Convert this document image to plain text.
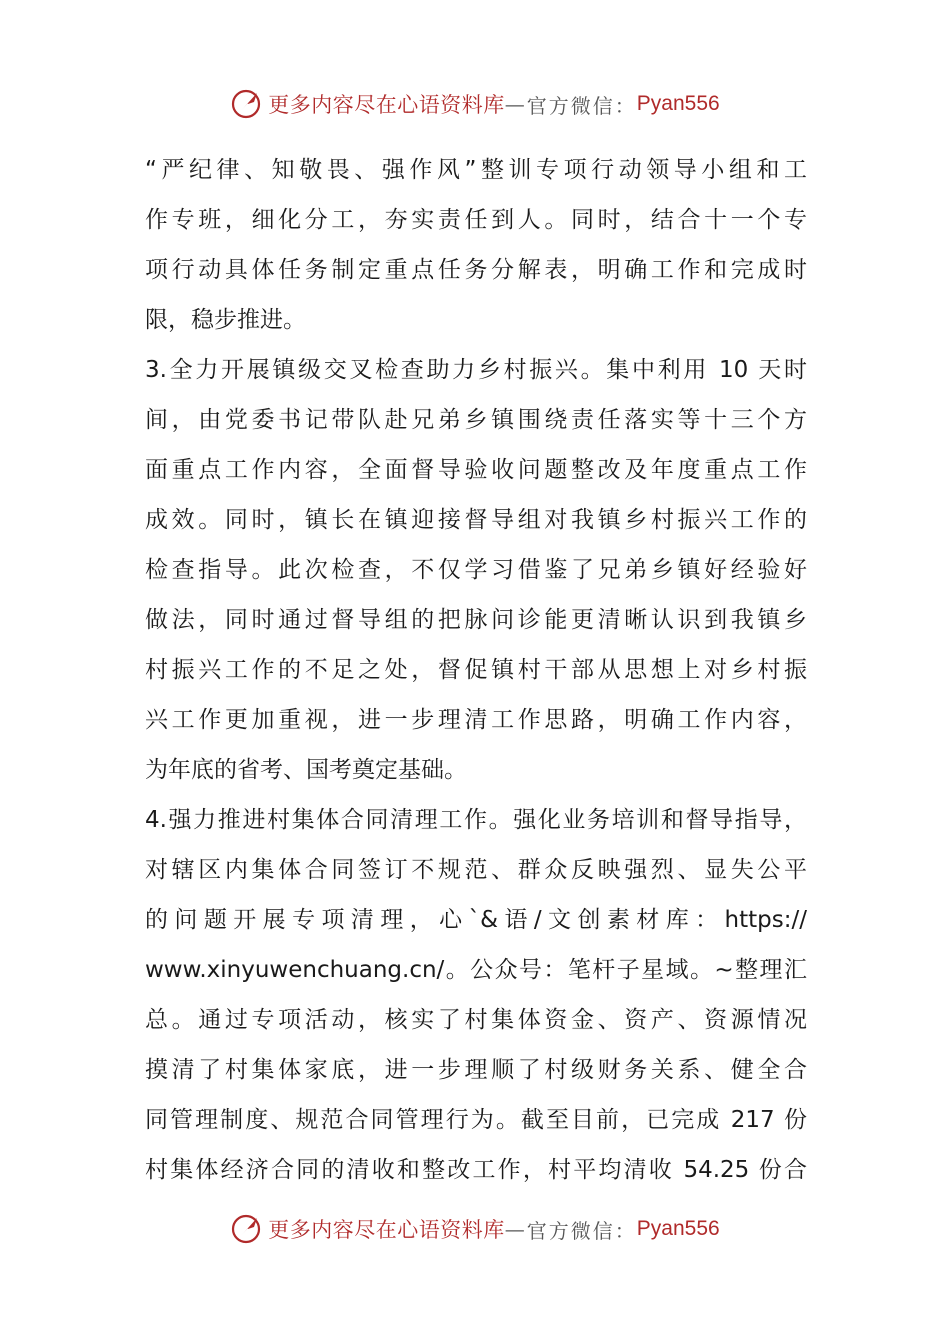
更多内容尽在心语资料库 — 官方微信： Pyan556
“严纪律、知敬畏、强作风”整训专项行动领导小组和工
作专班，细化分工，夯实责任到人。同时，结合十一个专
项行动具体任务制定重点任务分解表，明确工作和完成时
限，稳步推进。
3.全力开展镇级交叉检查助力乡村振兴。集中利用 10 天时
间，由党委书记带队赴兄弟乡镇围绕责任落实等十三个方
面重点工作内容，全面督导验收问题整改及年度重点工作
成效。同时，镇长在镇迎接督导组对我镇乡村振兴工作的
检查指导。此次检查，不仅学习借鉴了兄弟乡镇好经验好
做法，同时通过督导组的把脉问诊能更清晰认识到我镇乡
村振兴工作的不足之处，督促镇村干部从思想上对乡村振
兴工作更加重视，进一步理清工作思路，明确工作内容，
为年底的省考、国考奠定基础。
4.强力推进村集体合同清理工作。强化业务培训和督导指导，
对辖区内集体合同签订不规范、群众反映强烈、显失公平
的问题开展专项清理，心`&语/文创素材库：https://
www.xinyuwenchuang.cn/。公众号：笔杆子星域。~整理汇
总。通过专项活动，核实了村集体资金、资产、资源情况
摸清了村集体家底，进一步理顺了村级财务关系、健全合
同管理制度、规范合同管理行为。截至目前，已完成 217 份
村集体经济合同的清收和整改工作，村平均清收 54.25 份合
更多内容尽在心语资料库 — 官方微信： Pyan556
